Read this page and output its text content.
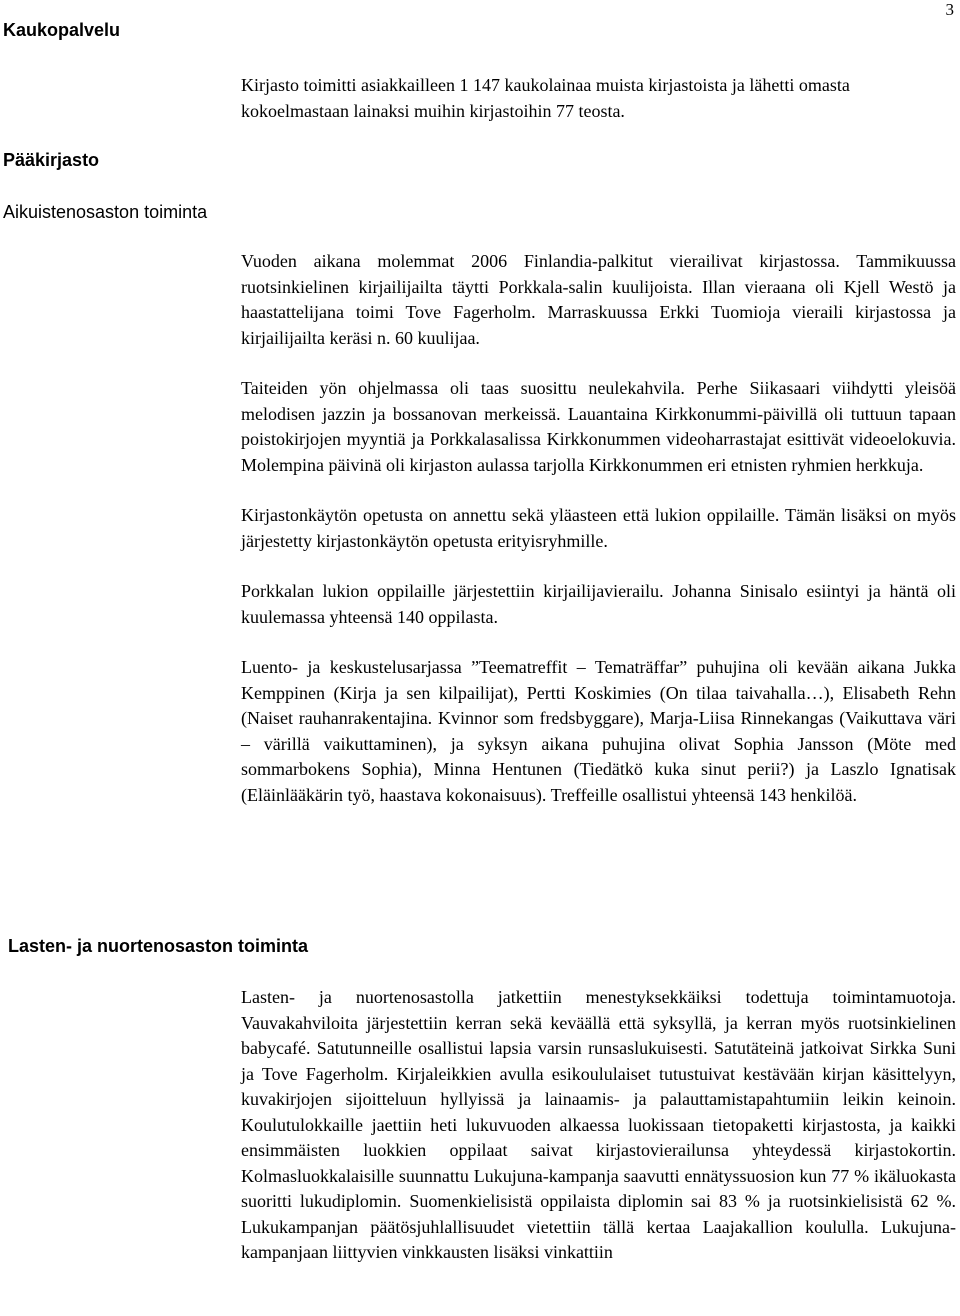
3
Kaukopalvelu

Kirjasto toimitti asiakkailleen 1 147 kaukolainaa muista kirjastoista ja lähetti omasta kokoelmastaan lainaksi muihin kirjastoihin 77 teosta.

Pääkirjasto
Aikuistenosaston toiminta

Vuoden aikana molemmat 2006 Finlandia-palkitut vierailivat kirjastossa. Tammikuussa ruotsinkielinen kirjailijailta täytti Porkkala-salin kuulijoista. Illan vieraana oli Kjell Westö ja haastattelijana toimi Tove Fagerholm. Marraskuussa Erkki Tuomioja vieraili kirjastossa ja kirjailijailta keräsi n. 60 kuulijaa.

Taiteiden yön ohjelmassa oli taas suosittu neulekahvila. Perhe Siikasaari viihdytti yleisöä melodisen jazzin ja bossanovan merkeissä. Lauantaina Kirkkonummi-päivillä oli tuttuun tapaan poistokirjojen myyntiä ja Porkkalasalissa Kirkkonummen videoharrastajat esittivät videoelokuvia. Molempina päivinä oli kirjaston aulassa tarjolla Kirkkonummen eri etnisten ryhmien herkkuja.

Kirjastonkäytön opetusta on annettu sekä yläasteen että lukion oppilaille. Tämän lisäksi on myös järjestetty kirjastonkäytön opetusta erityisryhmille.

Porkkalan lukion oppilaille järjestettiin kirjailijavierailu. Johanna Sinisalo esiintyi ja häntä oli kuulemassa yhteensä 140 oppilasta.

Luento- ja keskustelusarjassa ”Teematreffit – Tematräffar” puhujina oli kevään aikana Jukka Kemppinen (Kirja ja sen kilpailijat), Pertti Koskimies (On tilaa taivahalla…), Elisabeth Rehn (Naiset rauhanrakentajina. Kvinnor som fredsbyggare), Marja-Liisa Rinnekangas (Vaikuttava väri – värillä vaikuttaminen), ja syksyn aikana puhujina olivat Sophia Jansson (Möte med sommarbokens Sophia), Minna Hentunen (Tiedätkö kuka sinut perii?) ja Laszlo Ignatisak (Eläinlääkärin työ, haastava kokonaisuus). Treffeille osallistui yhteensä 143 henkilöä.

Lasten- ja nuortenosaston toiminta

Lasten- ja nuortenosastolla jatkettiin menestyksekkäiksi todettuja toimintamuotoja. Vauvakahviloita järjestettiin kerran sekä keväällä että syksyllä, ja kerran myös ruotsinkielinen babycafé. Satutunneille osallistui lapsia varsin runsaslukuisesti. Satutäteinä jatkoivat Sirkka Suni ja Tove Fagerholm. Kirjaleikkien avulla esikoululaiset tutustuivat kestävään kirjan käsittelyyn, kuvakirjojen sijoitteluun hyllyissä ja lainaamis- ja palauttamistapahtumiin leikin keinoin. Koulutulokkaille jaettiin heti lukuvuoden alkaessa luokissaan tietopaketti kirjastosta, ja kaikki ensimmäisten luokkien oppilaat saivat kirjastovierailunsa yhteydessä kirjastokortin. Kolmasluokkalaisille suunnattu Lukujuna-kampanja saavutti ennätyssuosion kun 77 % ikäluokasta suoritti lukudiplomin. Suomenkielisistä oppilaista diplomin sai 83 % ja ruotsinkielisistä 62 %. Lukukampanjan päätösjuhlallisuudet vietettiin tällä kertaa Laajakallion koululla. Lukujuna-kampanjaan liittyvien vinkkausten lisäksi vinkattiin
